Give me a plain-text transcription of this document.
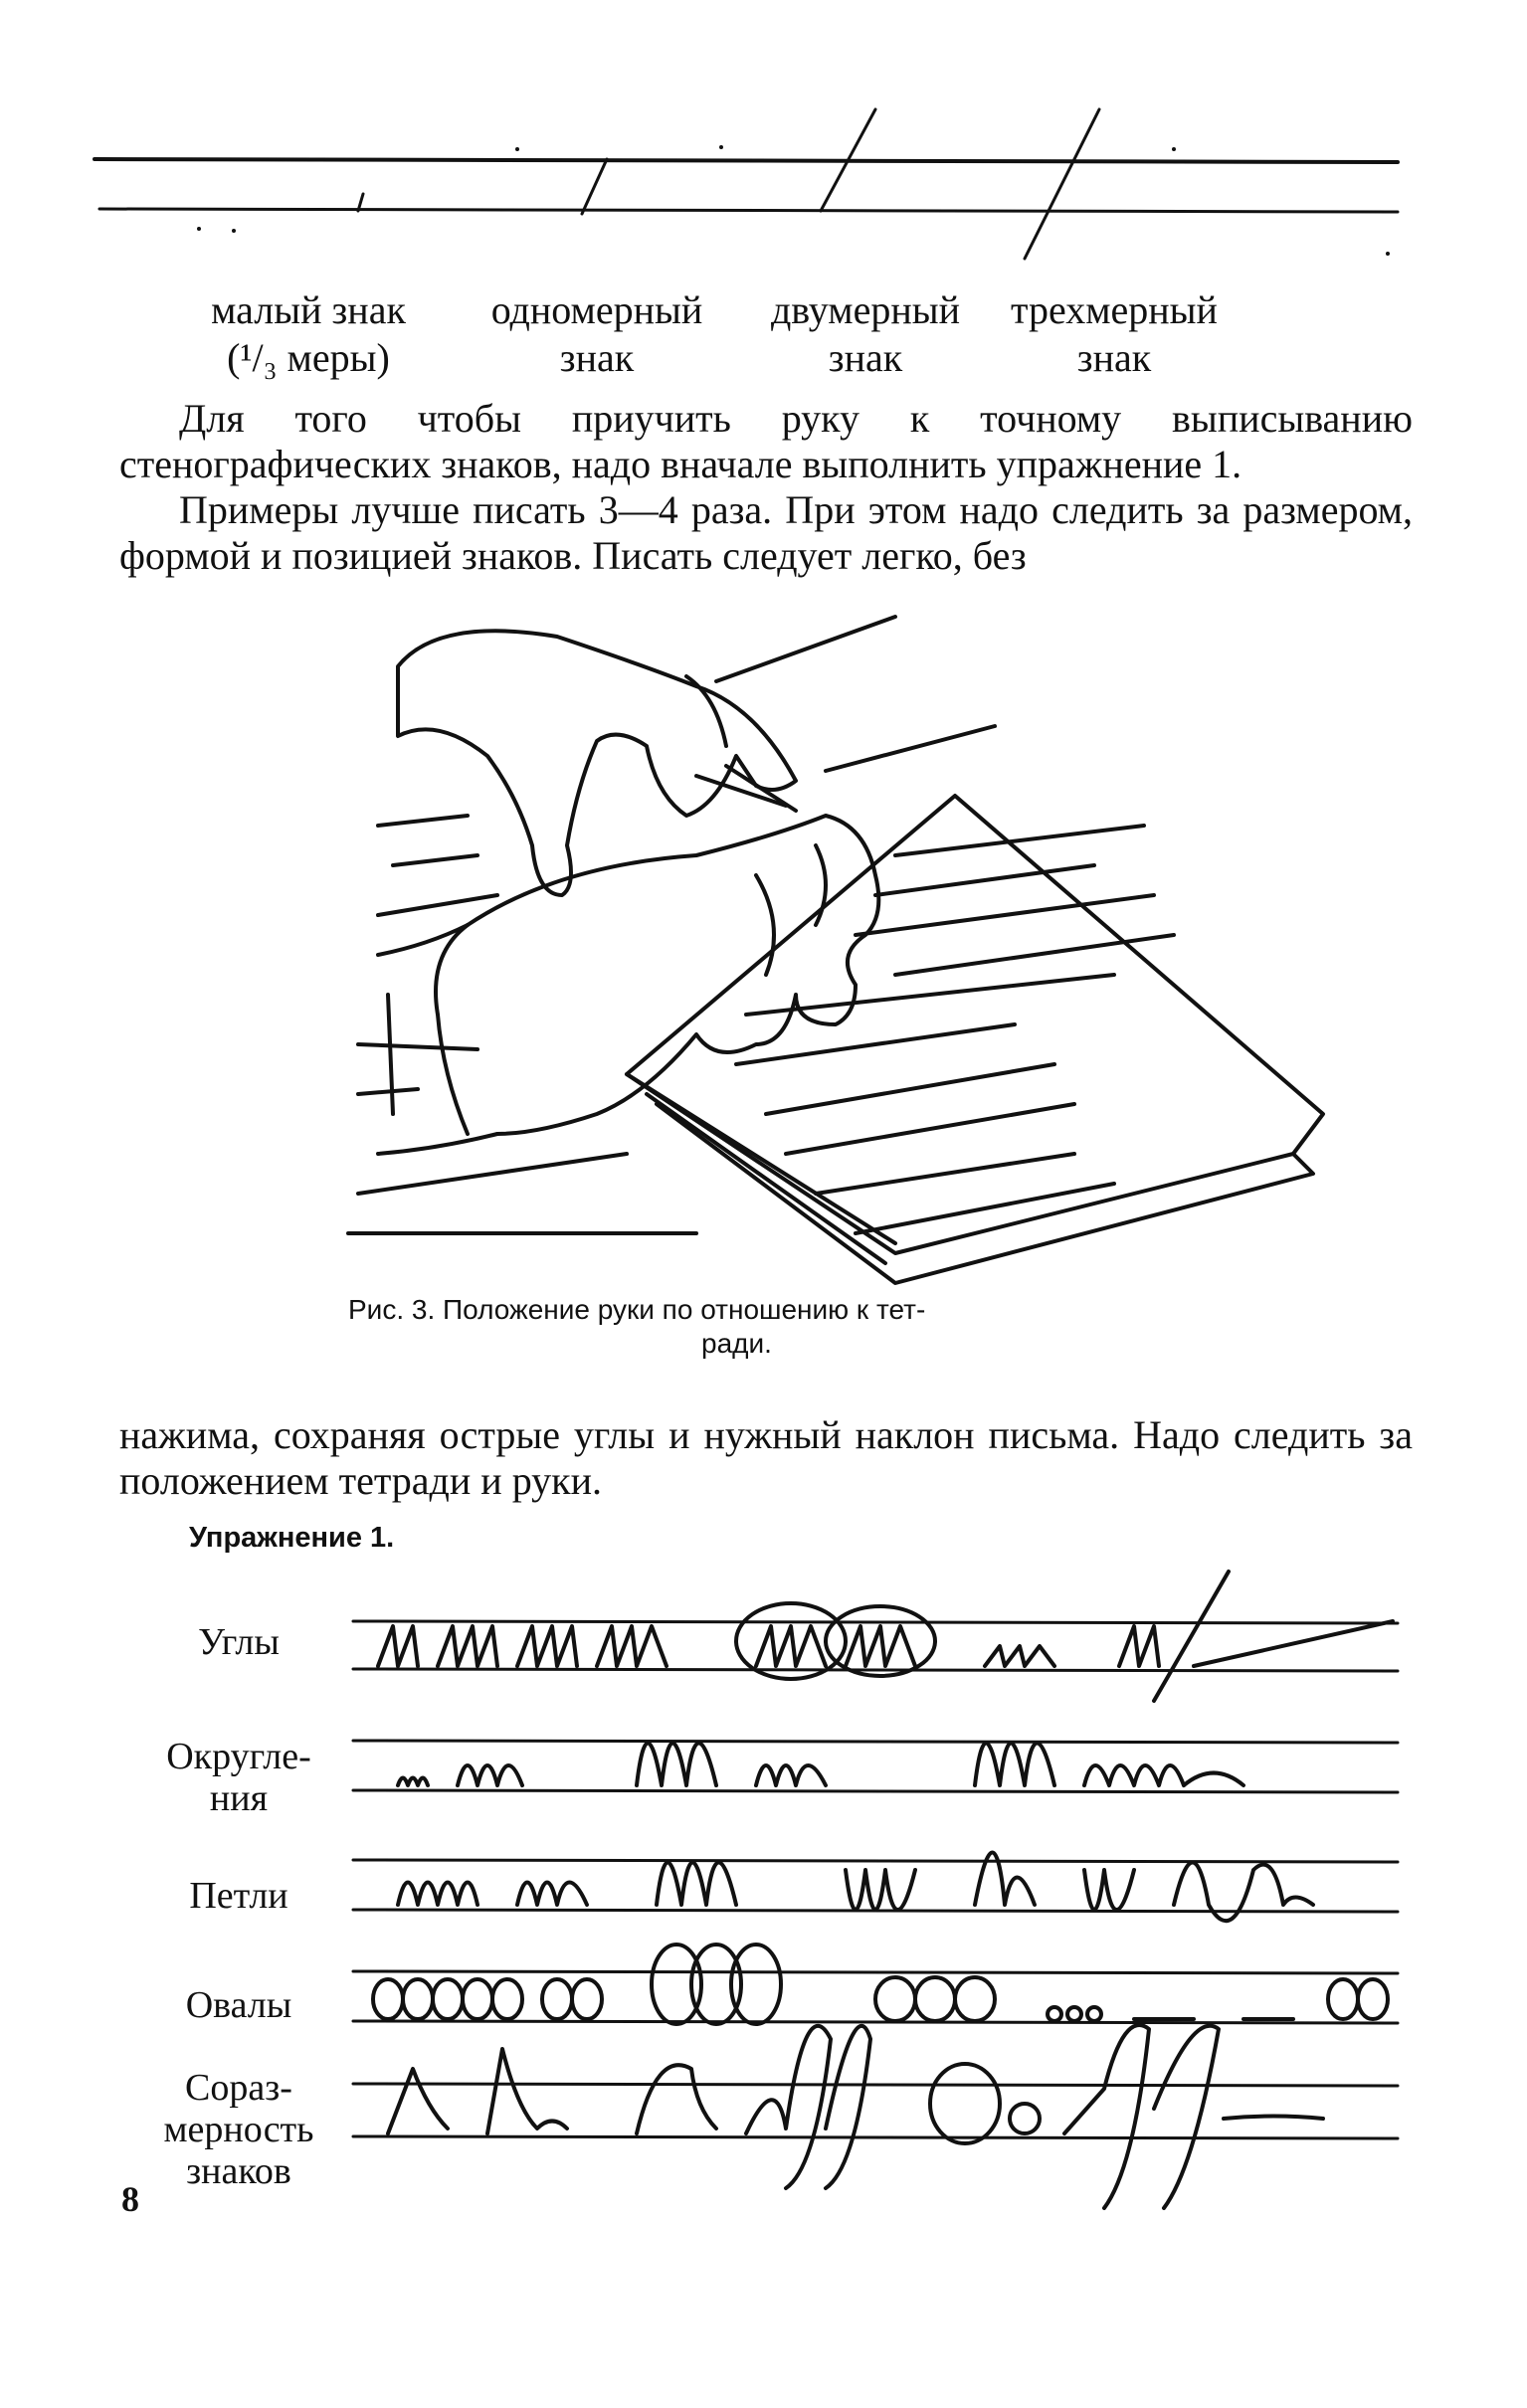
малый знак
(¹/₃ меры)
одномерный
знак
двумерный
знак
трехмерный
знак
Для того чтобы приучить руку к точному выписыванию стенографических знаков, надо вначале выполнить упражнение 1.
Примеры лучше писать 3—4 раза. При этом надо следить за размером, формой и позицией знаков. Писать следует легко, без
Рис. 3. Положение руки по отношению к тет-
ради.
нажима, сохраняя острые углы и нужный наклон письма. Надо следить за положением тетради и руки.
Упражнение 1.
Углы
Округле-
ния
Петли
Овалы
Сораз-
мерность
знаков
8
